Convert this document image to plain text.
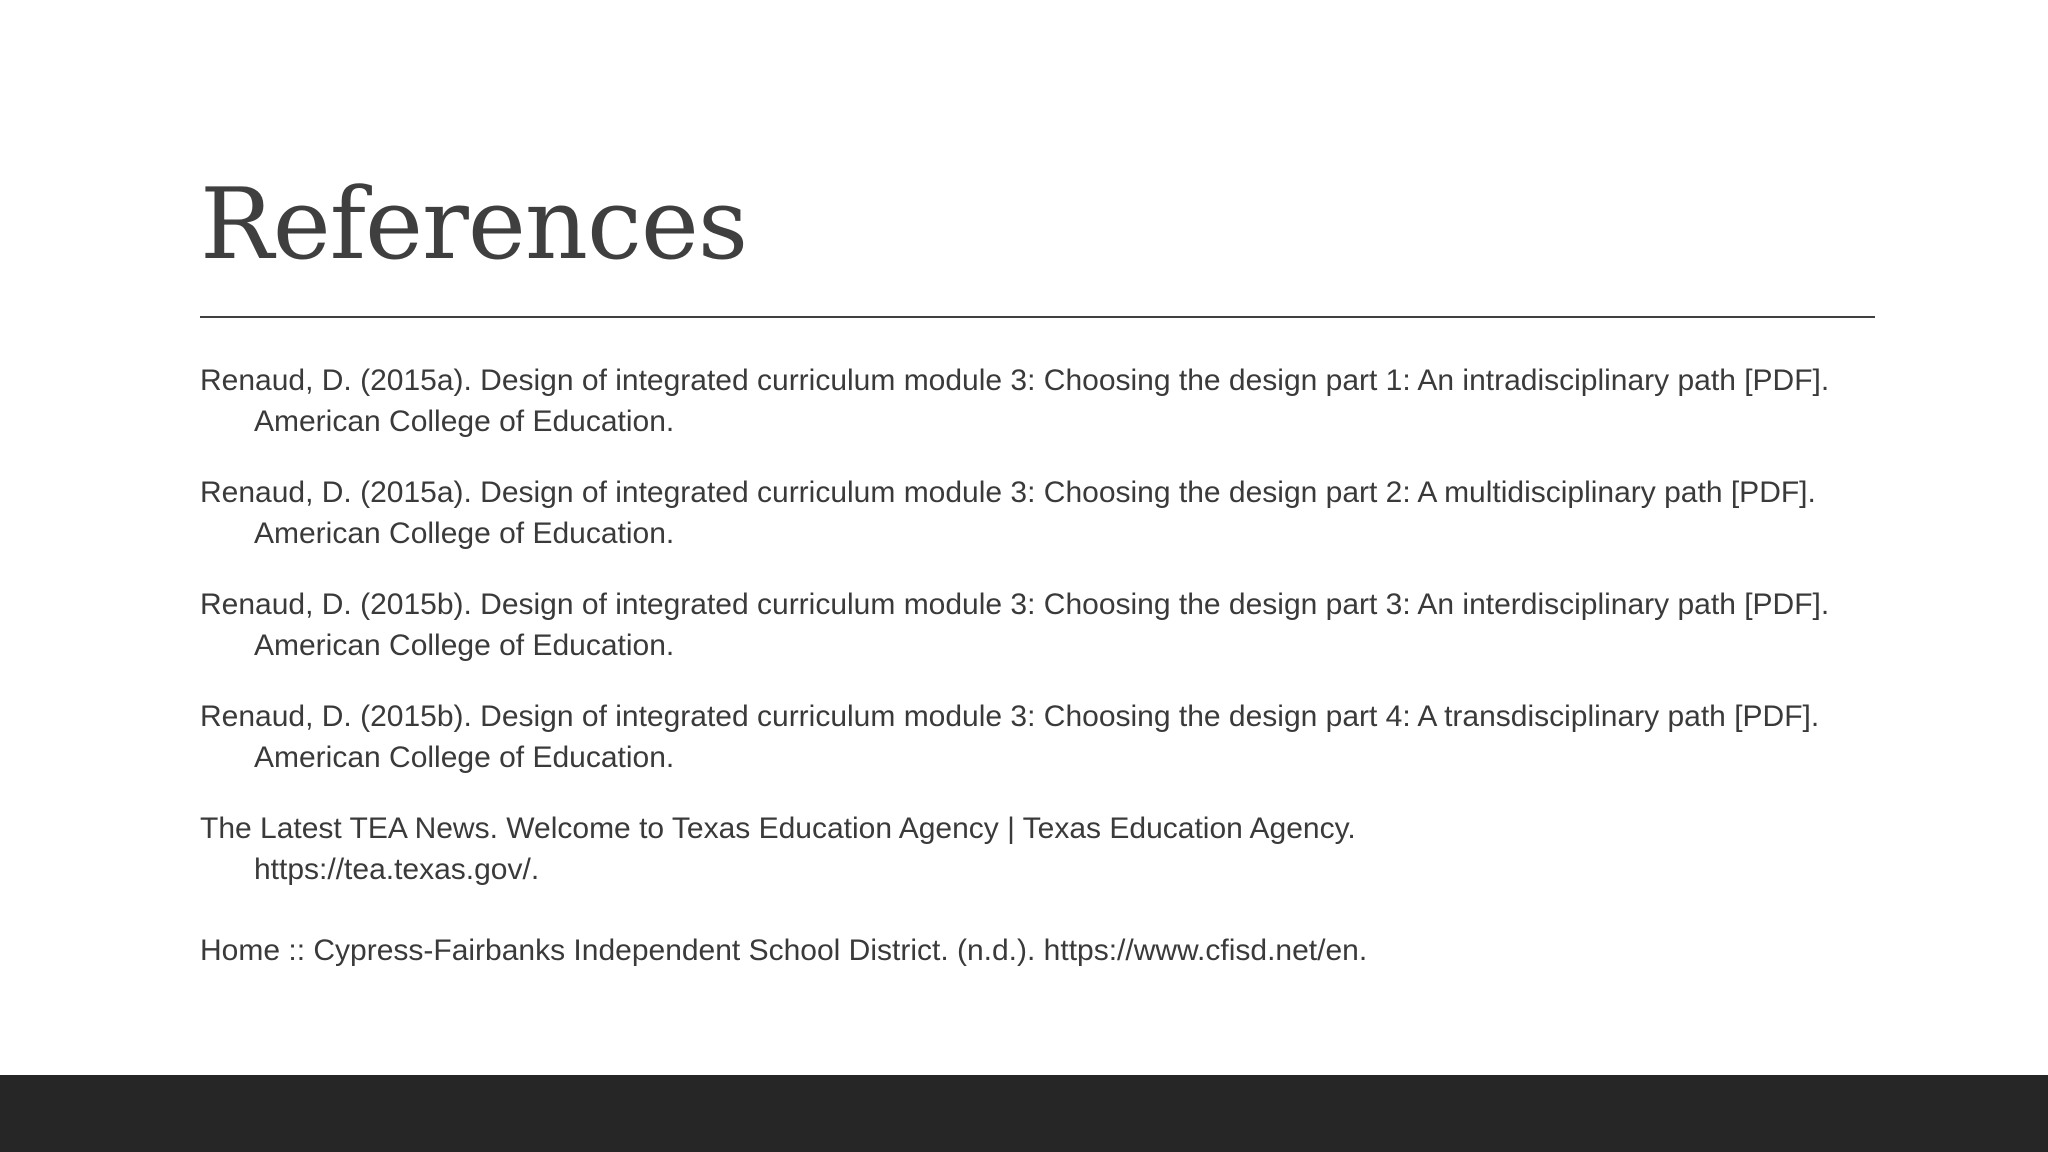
References

Renaud, D. (2015a). Design of integrated curriculum module 3: Choosing the design part 1: An intradisciplinary path [PDF]. American College of Education.

Renaud, D. (2015a). Design of integrated curriculum module 3: Choosing the design part 2: A multidisciplinary path [PDF]. American College of Education.

Renaud, D. (2015b). Design of integrated curriculum module 3: Choosing the design part 3: An interdisciplinary path [PDF]. American College of Education.

Renaud, D. (2015b). Design of integrated curriculum module 3: Choosing the design part 4: A transdisciplinary path [PDF]. American College of Education.

The Latest TEA News. Welcome to Texas Education Agency | Texas Education Agency.
https://tea.texas.gov/.

Home :: Cypress-Fairbanks Independent School District. (n.d.). https://www.cfisd.net/en.
